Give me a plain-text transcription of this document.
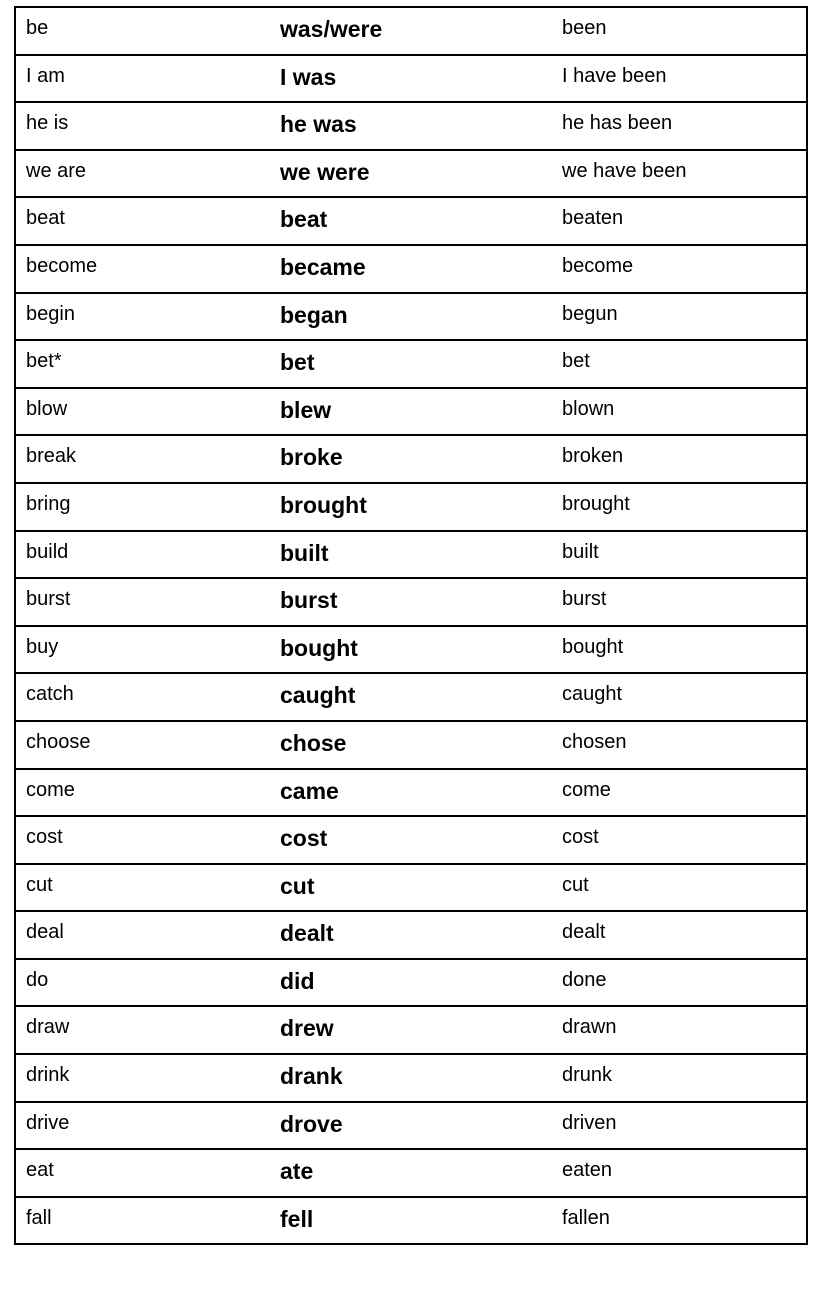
be	was/were	been

I am	I was	I have been

he is	he was	he has been

we are	we were	we have been

beat	beat	beaten

become	became	become

begin	began	begun

bet*	bet	bet

blow	blew	blown

break	broke	broken

bring	brought	brought

build	built	built

burst	burst	burst

buy	bought	bought

catch	caught	caught

choose	chose	chosen

come	came	come

cost	cost	cost

cut	cut	cut

deal	dealt	dealt

do	did	done

draw	drew	drawn

drink	drank	drunk

drive	drove	driven

eat	ate	eaten

fall	fell	fallen
